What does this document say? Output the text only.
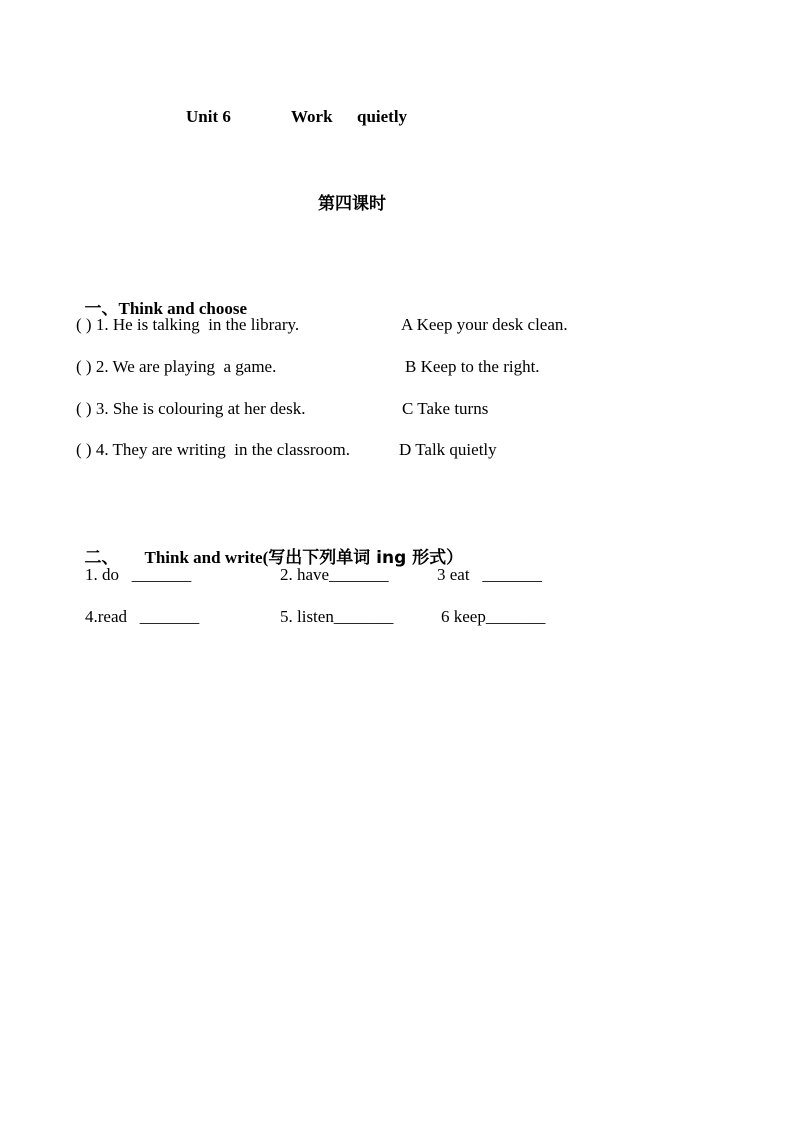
Unit 6	Work quietly
第四课时

一、Think and choose

( ) 1. He is talking  in the library.	A Keep your desk clean.
( ) 2. We are playing  a game.	B Keep to the right.
( ) 3. She is colouring at her desk.	C Take turns
( ) 4. They are writing  in the classroom.	D Talk quietly

二、 Think and write(写出下列单词 ing 形式）

1. do   _______	2. have_______	3 eat   _______
4.read   _______	5. listen_______	6 keep_______
